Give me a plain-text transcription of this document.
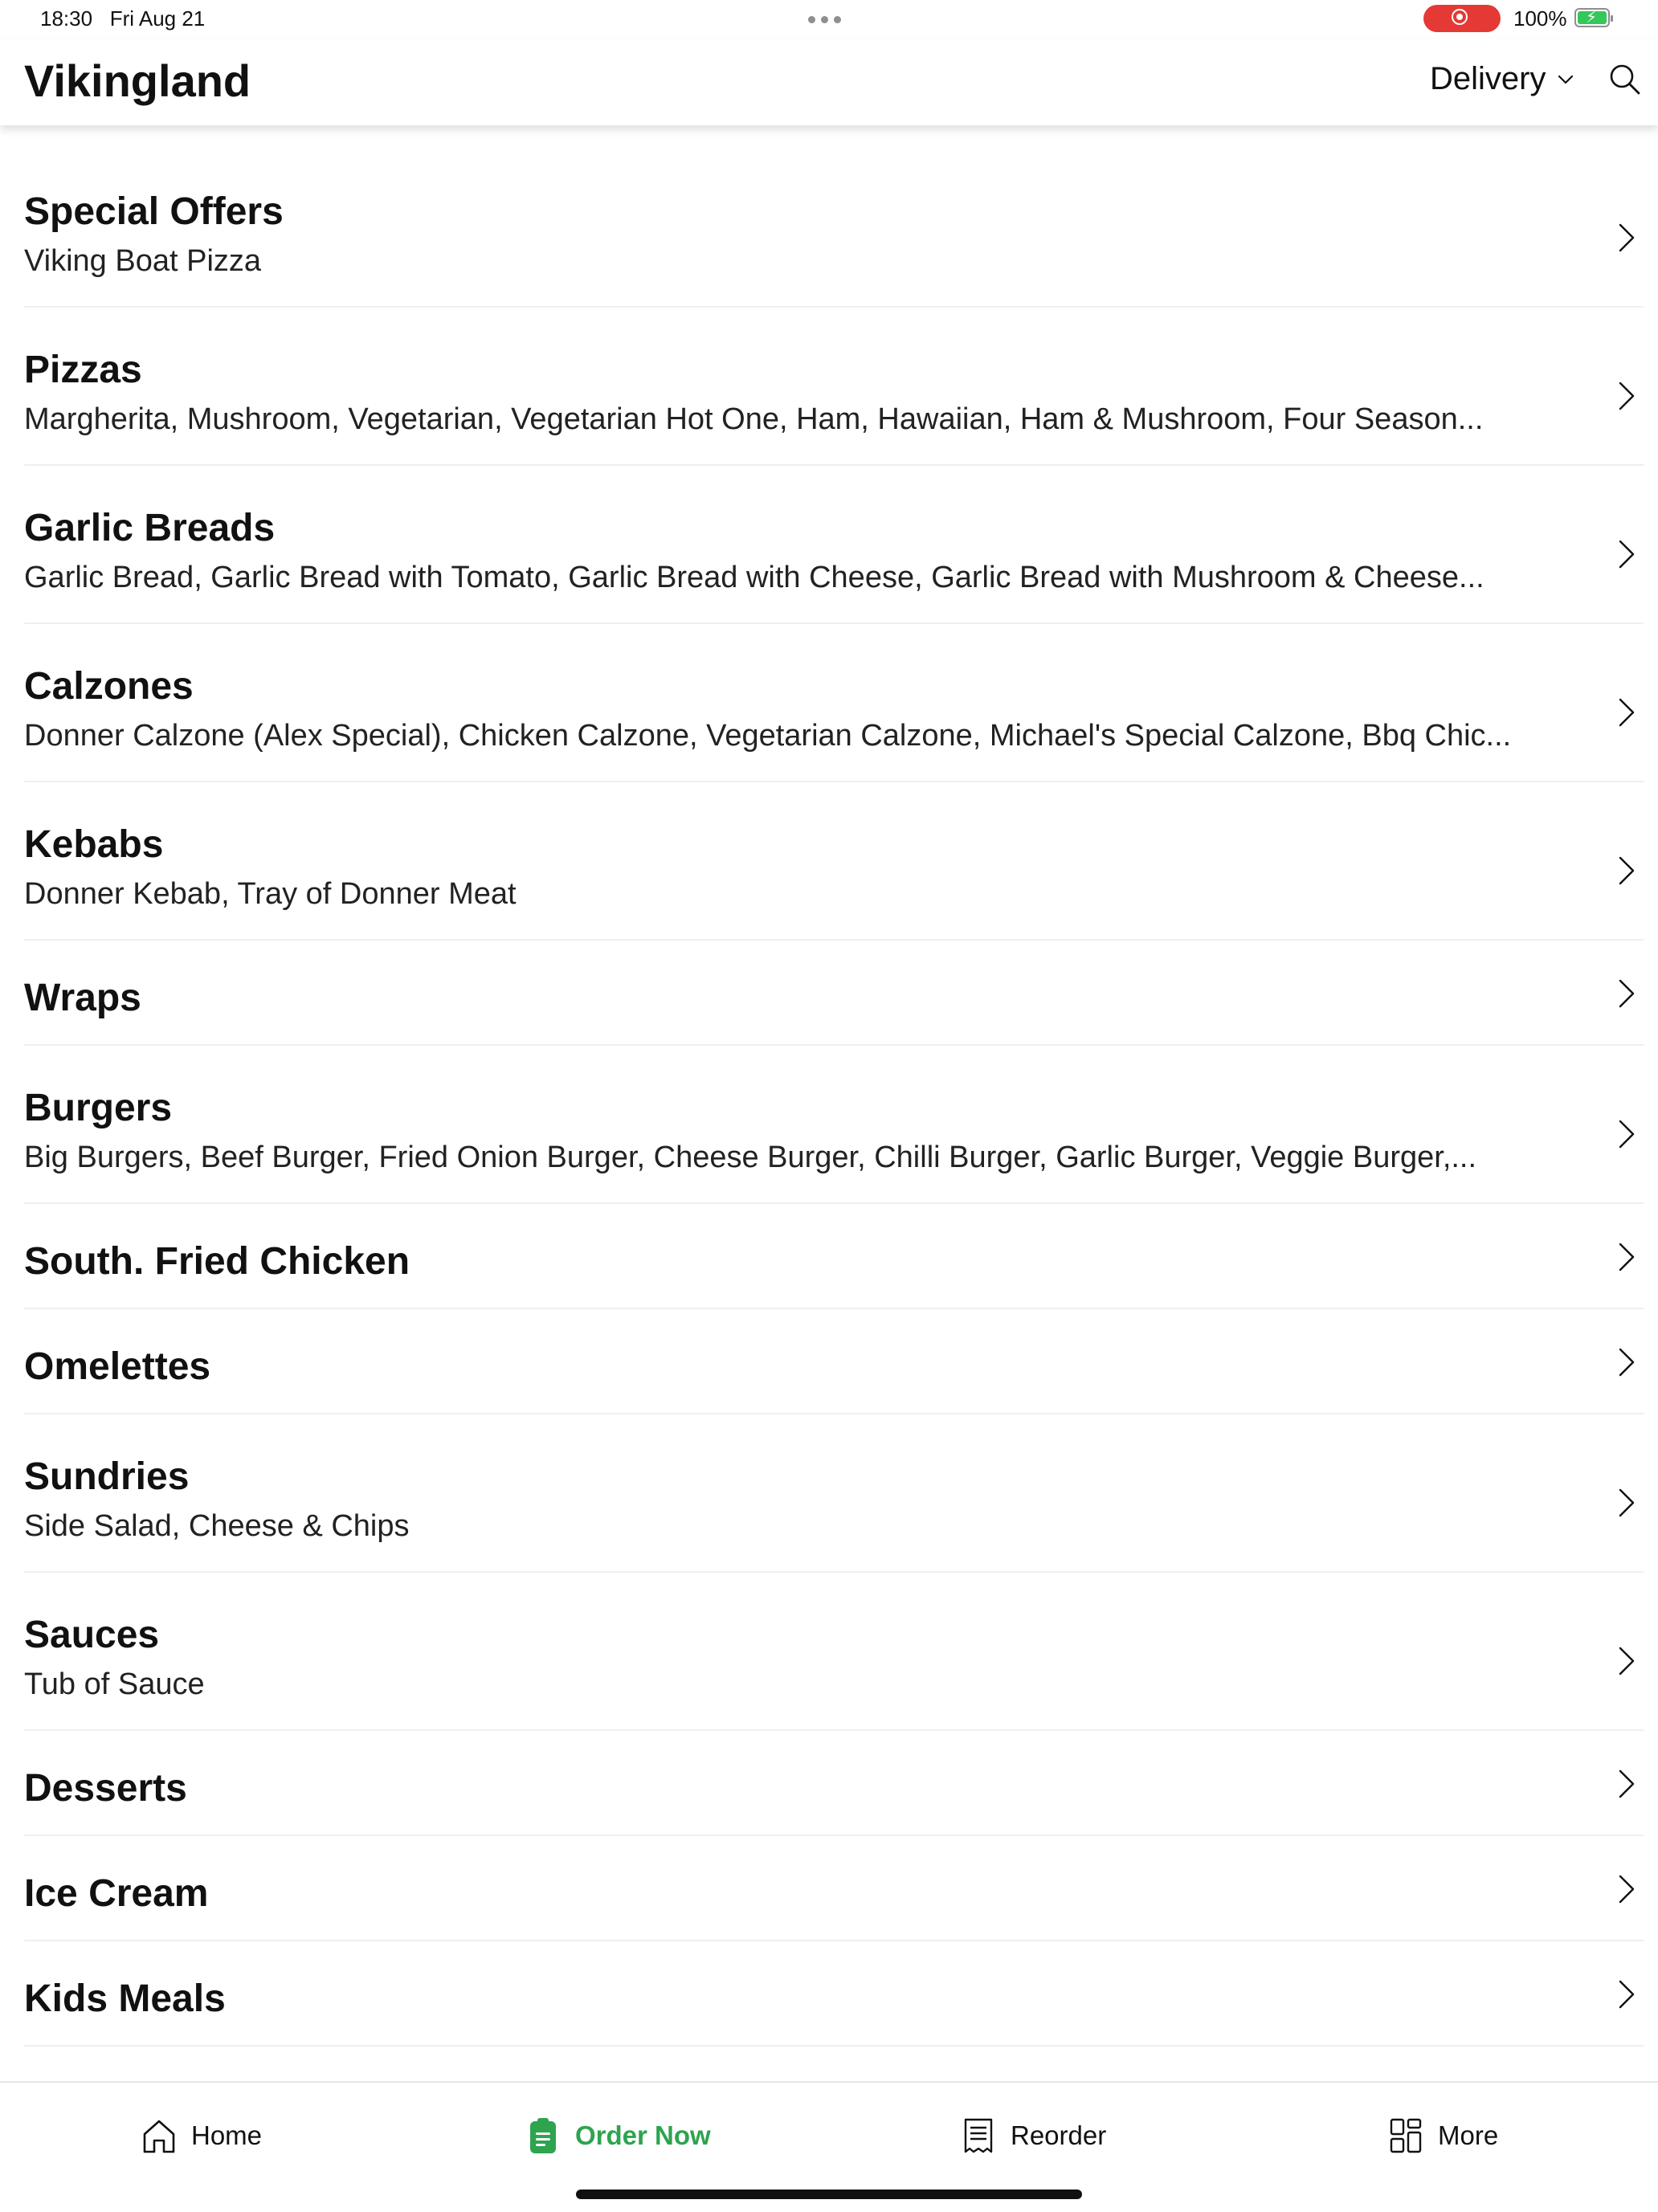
18:30 Fri Aug 21	100% ⚡
Vikingland	Delivery
Special Offers
Viking Boat Pizza
Pizzas
Margherita, Mushroom, Vegetarian, Vegetarian Hot One, Ham, Hawaiian, Ham & Mushroom, Four Season...
Garlic Breads
Garlic Bread, Garlic Bread with Tomato, Garlic Bread with Cheese, Garlic Bread with Mushroom & Cheese...
Calzones
Donner Calzone (Alex Special), Chicken Calzone, Vegetarian Calzone, Michael's Special Calzone, Bbq Chic...
Kebabs
Donner Kebab, Tray of Donner Meat
Wraps
Burgers
Big Burgers, Beef Burger, Fried Onion Burger, Cheese Burger, Chilli Burger, Garlic Burger, Veggie Burger,...
South. Fried Chicken
Omelettes
Sundries
Side Salad, Cheese & Chips
Sauces
Tub of Sauce
Desserts
Ice Cream
Kids Meals
Home	Order Now	Reorder	More
